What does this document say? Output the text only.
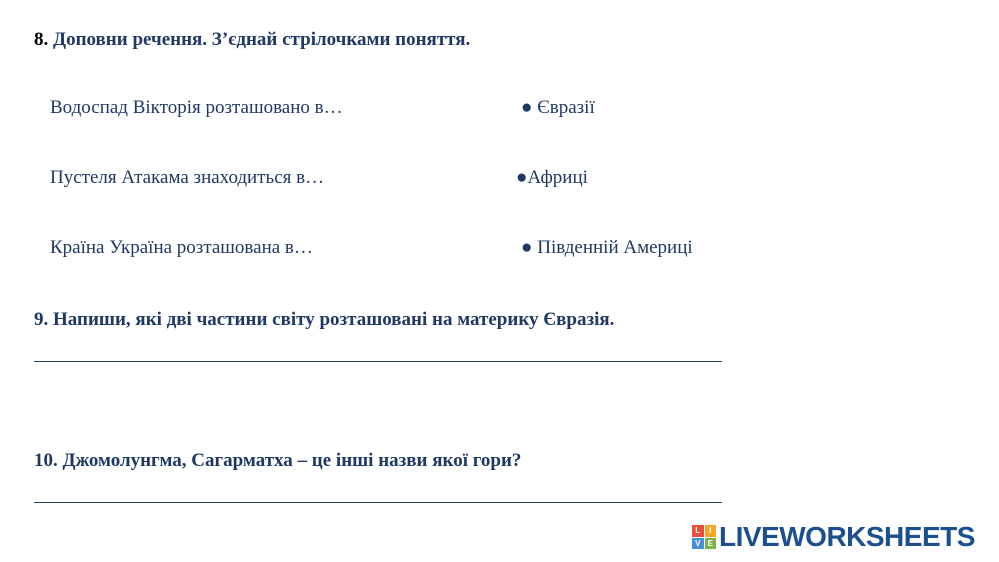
8. Доповни речення. З’єднай стрілочками поняття.
Водоспад Вікторія розташовано в…	● Євразії
Пустеля Атакама знаходиться в…	●Африці
Країна Україна розташована в…	● Південній Америці
9. Напиши, які дві частини світу розташовані на материку Євразія.
10. Джомолунгма, Сагарматха – це інші назви якої гори?
L	I
V E LIVEWORKSHEETS
